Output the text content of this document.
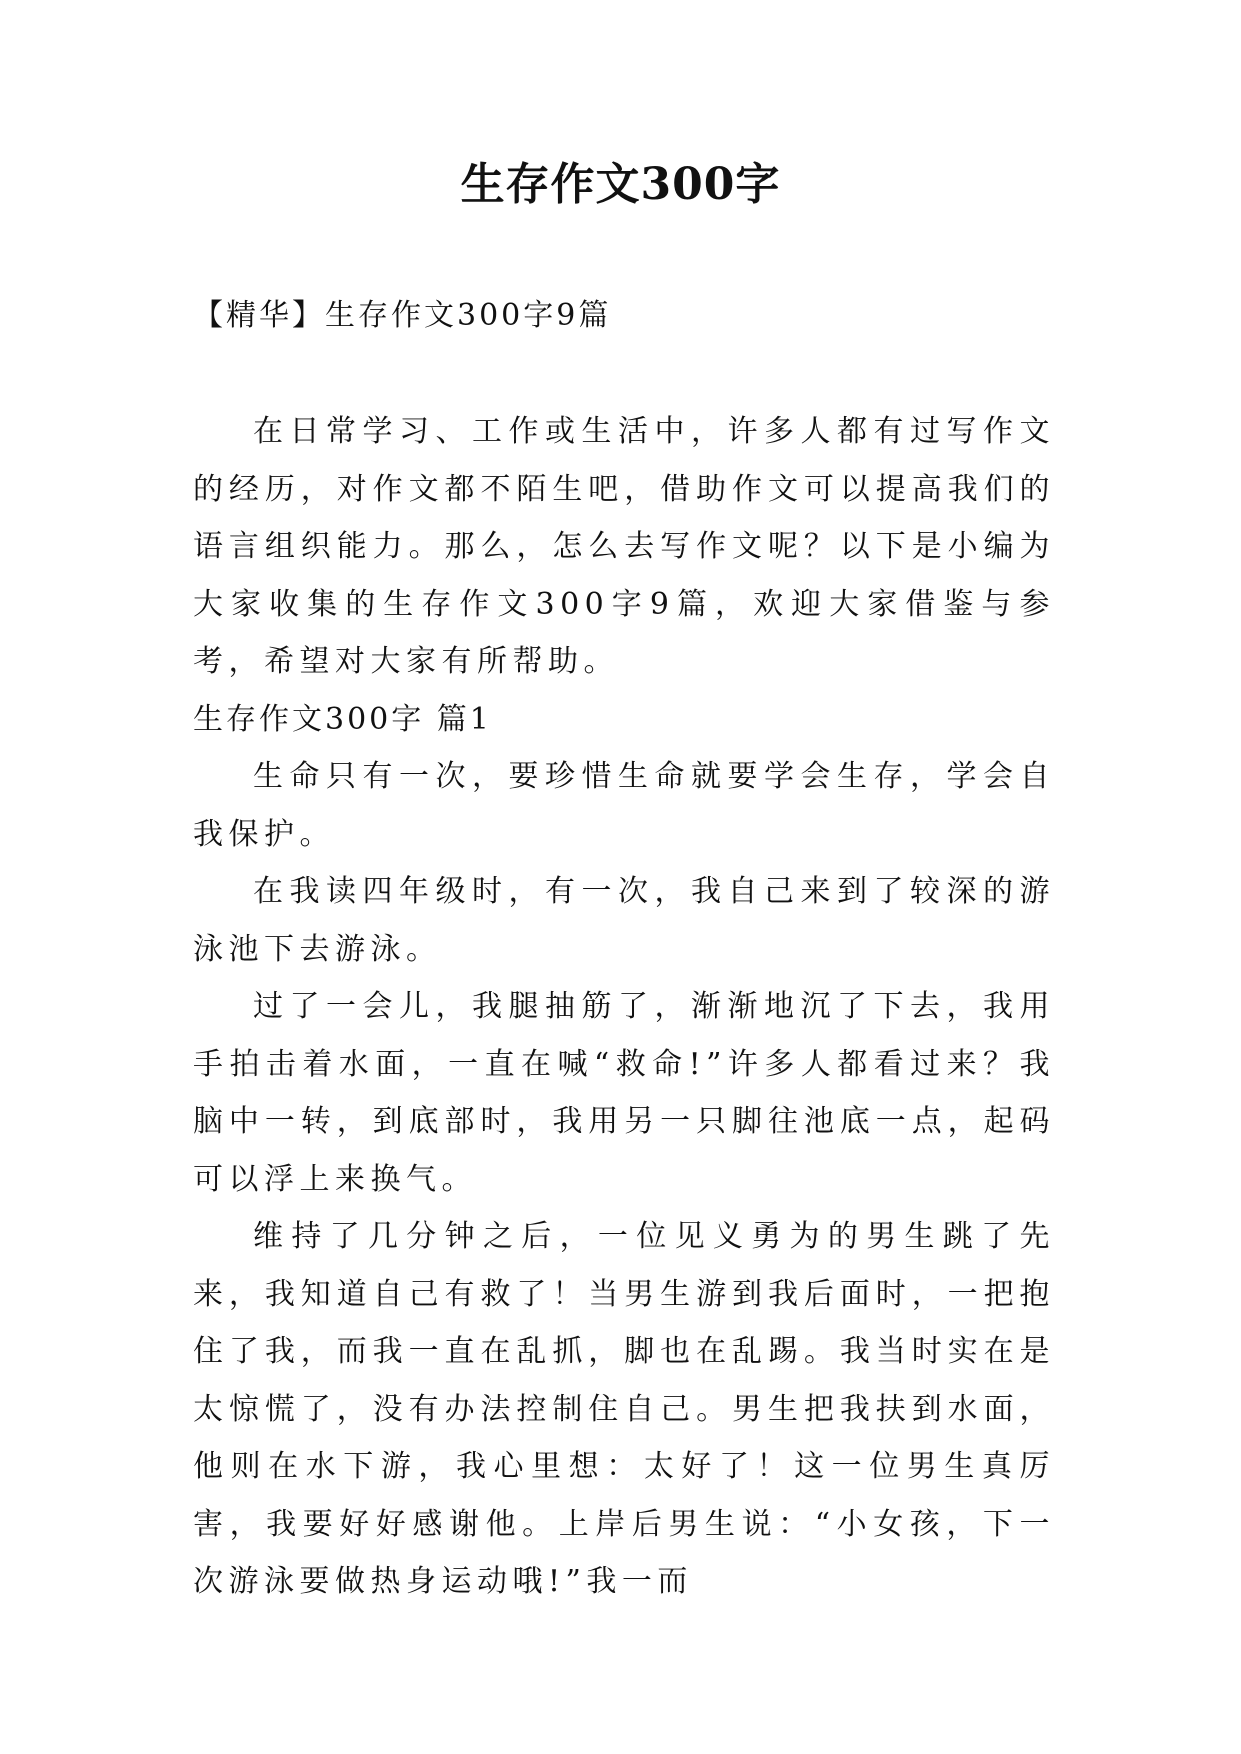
生存作文300字
【精华】生存作文300字9篇

在日常学习、工作或生活中，许多人都有过写作文的经历，对作文都不陌生吧，借助作文可以提高我们的语言组织能力。那么，怎么去写作文呢？以下是小编为大家收集的生存作文300字9篇，欢迎大家借鉴与参考，希望对大家有所帮助。

生存作文300字 篇1

生命只有一次，要珍惜生命就要学会生存，学会自我保护。

在我读四年级时，有一次，我自己来到了较深的游泳池下去游泳。

过了一会儿，我腿抽筋了，渐渐地沉了下去，我用手拍击着水面，一直在喊“救命!”许多人都看过来？我脑中一转，到底部时，我用另一只脚往池底一点，起码可以浮上来换气。

维持了几分钟之后，一位见义勇为的男生跳了先来，我知道自己有救了！当男生游到我后面时，一把抱住了我，而我一直在乱抓，脚也在乱踢。我当时实在是太惊慌了，没有办法控制住自己。男生把我扶到水面，他则在水下游，我心里想：太好了！这一位男生真厉害，我要好好感谢他。上岸后男生说：“小女孩，下一次游泳要做热身运动哦!”我一而
